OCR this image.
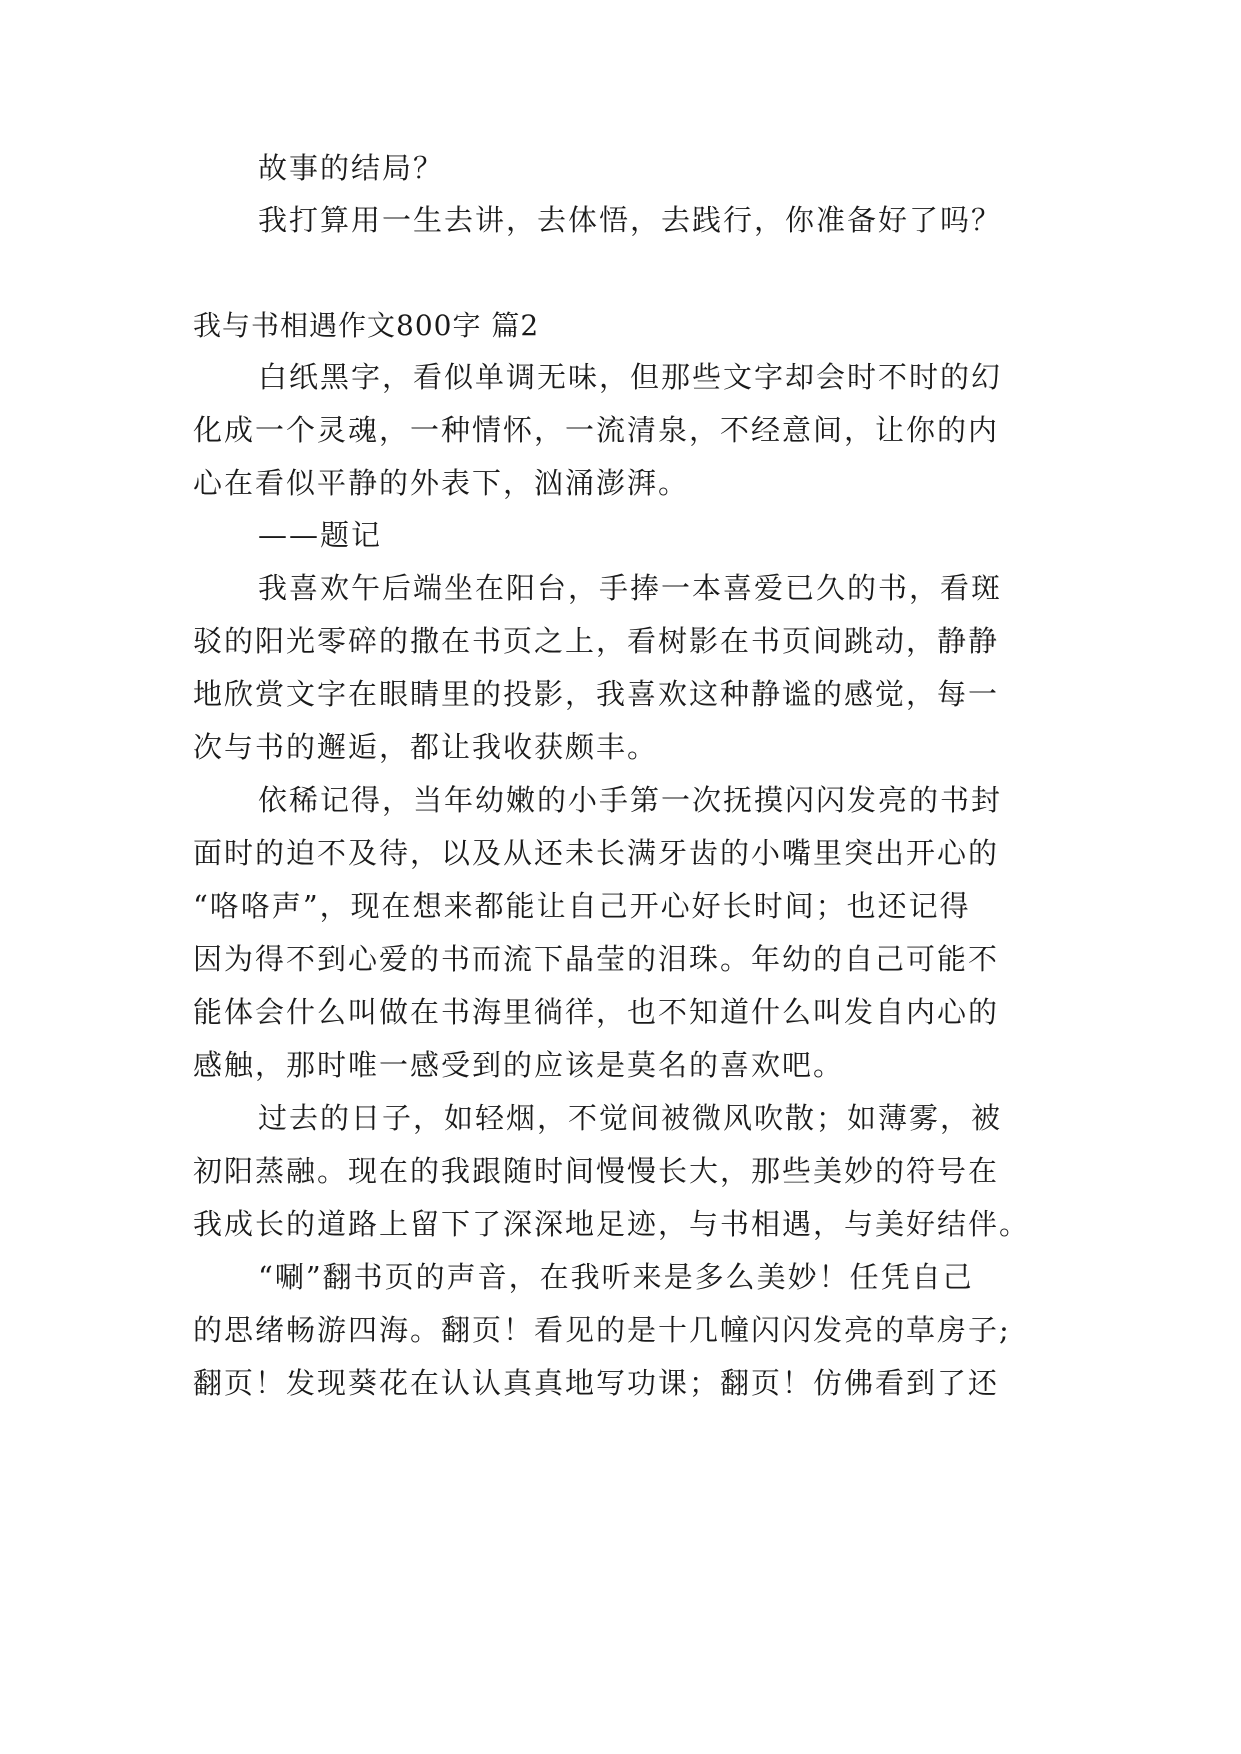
故事的结局？
我打算用一生去讲，去体悟，去践行，你准备好了吗？
我与书相遇作文800字 篇2
白纸黑字，看似单调无味，但那些文字却会时不时的幻
化成一个灵魂，一种情怀，一流清泉，不经意间，让你的内
心在看似平静的外表下，汹涌澎湃。
——题记
我喜欢午后端坐在阳台，手捧一本喜爱已久的书，看斑
驳的阳光零碎的撒在书页之上，看树影在书页间跳动，静静
地欣赏文字在眼睛里的投影，我喜欢这种静谧的感觉，每一
次与书的邂逅，都让我收获颇丰。
依稀记得，当年幼嫩的小手第一次抚摸闪闪发亮的书封
面时的迫不及待，以及从还未长满牙齿的小嘴里突出开心的
“咯咯声”，现在想来都能让自己开心好长时间；也还记得
因为得不到心爱的书而流下晶莹的泪珠。年幼的自己可能不
能体会什么叫做在书海里徜徉，也不知道什么叫发自内心的
感触，那时唯一感受到的应该是莫名的喜欢吧。
过去的日子，如轻烟，不觉间被微风吹散；如薄雾，被
初阳蒸融。现在的我跟随时间慢慢长大，那些美妙的符号在
我成长的道路上留下了深深地足迹，与书相遇，与美好结伴。
“唰”翻书页的声音，在我听来是多么美妙！任凭自己
的思绪畅游四海。翻页！看见的是十几幢闪闪发亮的草房子;
翻页！发现葵花在认认真真地写功课；翻页！仿佛看到了还
